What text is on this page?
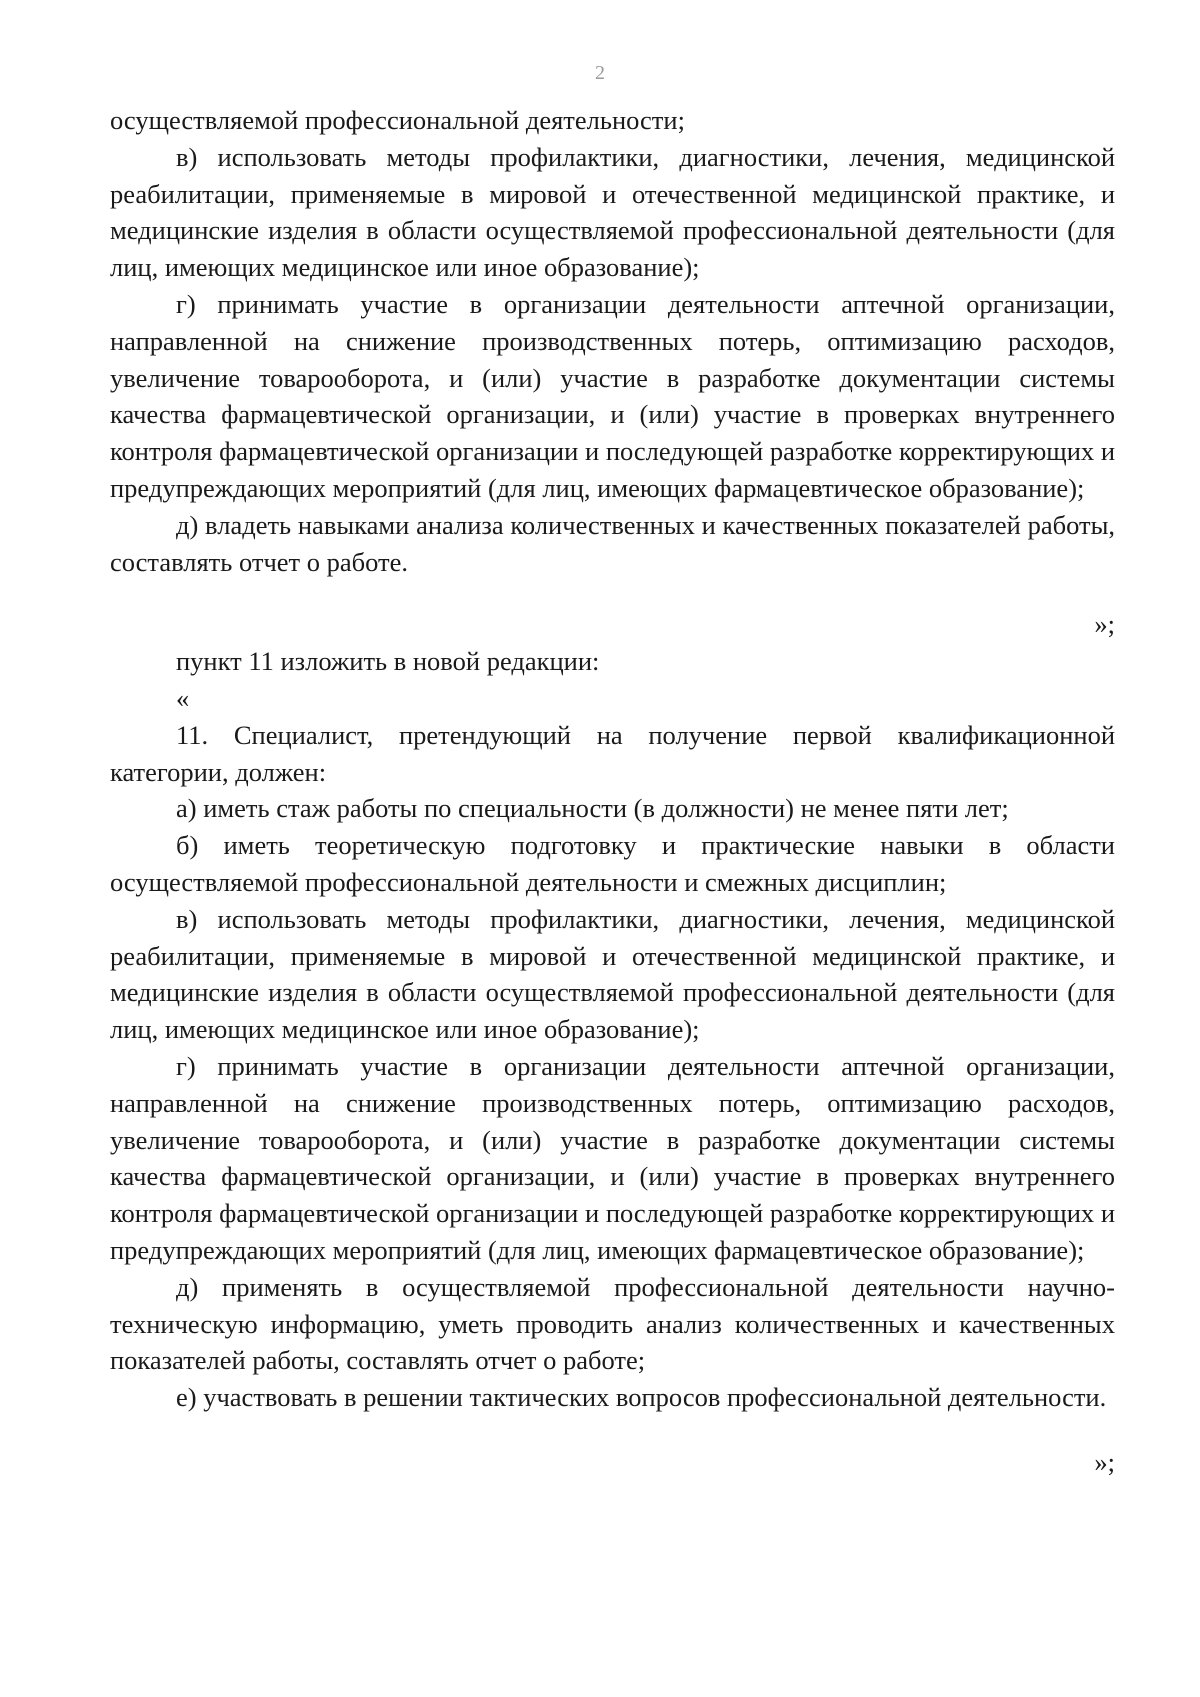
2

осуществляемой профессиональной деятельности;

в) использовать методы профилактики, диагностики, лечения, медицинской реабилитации, применяемые в мировой и отечественной медицинской практике, и медицинские изделия в области осуществляемой профессиональной деятельности (для лиц, имеющих медицинское или иное образование);

г) принимать участие в организации деятельности аптечной организации, направленной на снижение производственных потерь, оптимизацию расходов, увеличение товарооборота, и (или) участие в разработке документации системы качества фармацевтической организации, и (или) участие в проверках внутреннего контроля фармацевтической организации и последующей разработке корректирующих и предупреждающих мероприятий (для лиц, имеющих фармацевтическое образование);

д) владеть навыками анализа количественных и качественных показателей работы, составлять отчет о работе.

»;

пункт 11 изложить в новой редакции:

«

11. Специалист, претендующий на получение первой квалификационной категории, должен:

а) иметь стаж работы по специальности (в должности) не менее пяти лет;

б) иметь теоретическую подготовку и практические навыки в области осуществляемой профессиональной деятельности и смежных дисциплин;

в) использовать методы профилактики, диагностики, лечения, медицинской реабилитации, применяемые в мировой и отечественной медицинской практике, и медицинские изделия в области осуществляемой профессиональной деятельности (для лиц, имеющих медицинское или иное образование);

г) принимать участие в организации деятельности аптечной организации, направленной на снижение производственных потерь, оптимизацию расходов, увеличение товарооборота, и (или) участие в разработке документации системы качества фармацевтической организации, и (или) участие в проверках внутреннего контроля фармацевтической организации и последующей разработке корректирующих и предупреждающих мероприятий (для лиц, имеющих фармацевтическое образование);

д) применять в осуществляемой профессиональной деятельности научно-техническую информацию, уметь проводить анализ количественных и качественных показателей работы, составлять отчет о работе;

е) участвовать в решении тактических вопросов профессиональной деятельности.

»;
